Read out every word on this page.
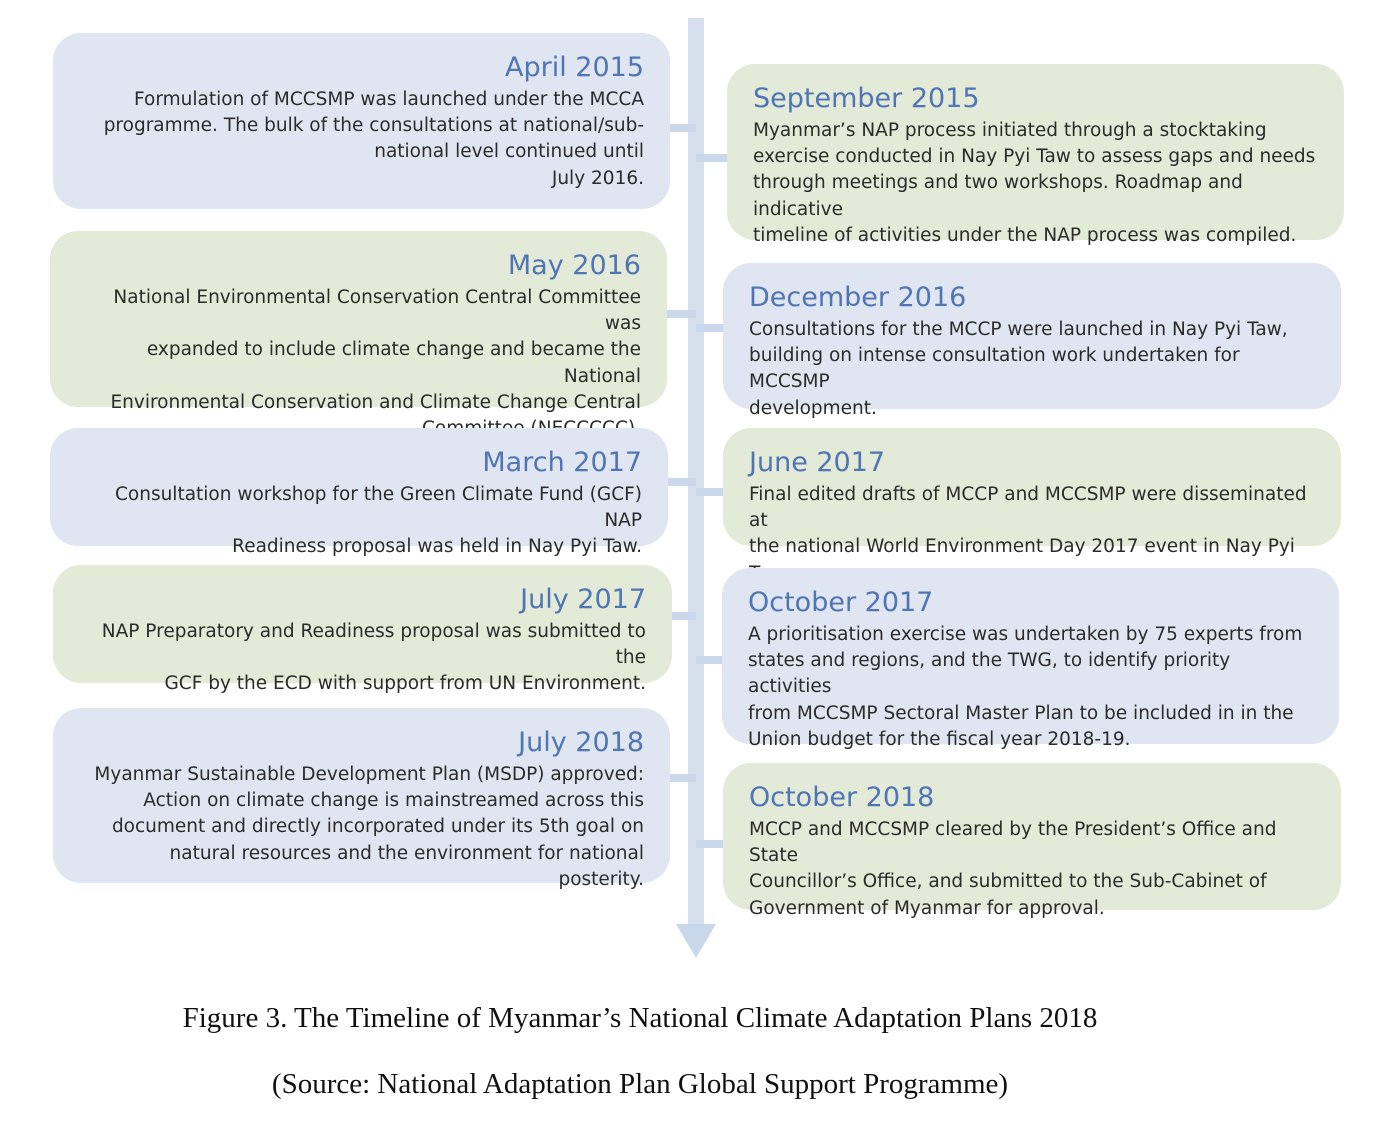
April 2015
Formulation of MCCSMP was launched under the MCCA
programme. The bulk of the consultations at national/sub-
national level continued until
July 2016.
May 2016
National Environmental Conservation Central Committee was
expanded to include climate change and became the National
Environmental Conservation and Climate Change Central

March 2017
Consultation workshop for the Green Climate Fund (GCF) NAP
Readiness proposal was held in Nay Pyi Taw.
July 2017
NAP Preparatory and Readiness proposal was submitted to the
GCF by the ECD with support from UN Environment.
July 2018
Myanmar Sustainable Development Plan (MSDP) approved:
Action on climate change is mainstreamed across this
document and directly incorporated under its 5th goal on
natural resources and the environment for national posterity.
September 2015
Myanmar’s NAP process initiated through a stocktaking
exercise conducted in Nay Pyi Taw to assess gaps and needs
through meetings and two workshops. Roadmap and indicative
timeline of activities under the NAP process was compiled.
December 2016
Consultations for the MCCP were launched in Nay Pyi Taw,
building on intense consultation work undertaken for MCCSMP
development.
June 2017
Final edited drafts of MCCP and MCCSMP were disseminated at
the national World Environment Day 2017 event in Nay Pyi
October 2017
A prioritisation exercise was undertaken by 75 experts from
states and regions, and the TWG, to identify priority activities
from MCCSMP Sectoral Master Plan to be included in in the
Union budget for the fiscal year 2018-19.
October 2018
MCCP and MCCSMP cleared by the President’s Office and State
Councillor’s Office, and submitted to the Sub-Cabinet of
Government of Myanmar for approval.
Figure 3. The Timeline of Myanmar’s National Climate Adaptation Plans 2018
(Source: National Adaptation Plan Global Support Programme)
